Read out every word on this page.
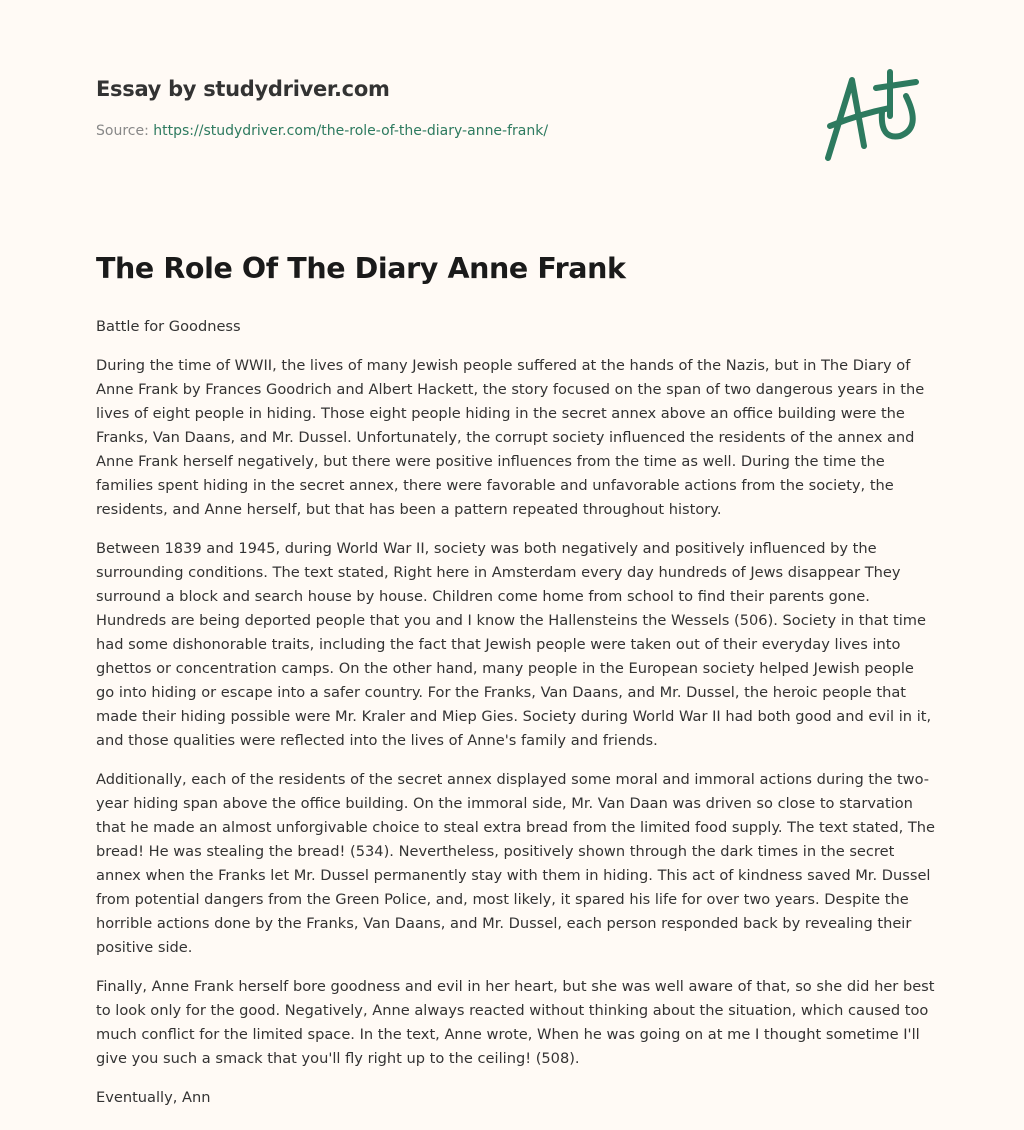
Essay by studydriver.com
Source: https://studydriver.com/the-role-of-the-diary-anne-frank/
The Role Of The Diary Anne Frank

Battle for Goodness

During the time of WWII, the lives of many Jewish people suffered at the hands of the Nazis, but in The Diary of Anne Frank by Frances Goodrich and Albert Hackett, the story focused on the span of two dangerous years in the lives of eight people in hiding. Those eight people hiding in the secret annex above an office building were the Franks, Van Daans, and Mr. Dussel. Unfortunately, the corrupt society influenced the residents of the annex and Anne Frank herself negatively, but there were positive influences from the time as well. During the time the families spent hiding in the secret annex, there were favorable and unfavorable actions from the society, the residents, and Anne herself, but that has been a pattern repeated throughout history.

Between 1839 and 1945, during World War II, society was both negatively and positively influenced by the surrounding conditions. The text stated, Right here in Amsterdam every day hundreds of Jews disappear They surround a block and search house by house. Children come home from school to find their parents gone. Hundreds are being deported people that you and I know the Hallensteins the Wessels (506). Society in that time had some dishonorable traits, including the fact that Jewish people were taken out of their everyday lives into ghettos or concentration camps. On the other hand, many people in the European society helped Jewish people go into hiding or escape into a safer country. For the Franks, Van Daans, and Mr. Dussel, the heroic people that made their hiding possible were Mr. Kraler and Miep Gies. Society during World War II had both good and evil in it, and those qualities were reflected into the lives of Anne's family and friends.

Additionally, each of the residents of the secret annex displayed some moral and immoral actions during the two-year hiding span above the office building. On the immoral side, Mr. Van Daan was driven so close to starvation that he made an almost unforgivable choice to steal extra bread from the limited food supply. The text stated, The bread! He was stealing the bread! (534). Nevertheless, positively shown through the dark times in the secret annex when the Franks let Mr. Dussel permanently stay with them in hiding. This act of kindness saved Mr. Dussel from potential dangers from the Green Police, and, most likely, it spared his life for over two years. Despite the horrible actions done by the Franks, Van Daans, and Mr. Dussel, each person responded back by revealing their positive side.

Finally, Anne Frank herself bore goodness and evil in her heart, but she was well aware of that, so she did her best to look only for the good. Negatively, Anne always reacted without thinking about the situation, which caused too much conflict for the limited space. In the text, Anne wrote, When he was going on at me I thought sometime I'll give you such a smack that you'll fly right up to the ceiling! (508).

Eventually, Ann
